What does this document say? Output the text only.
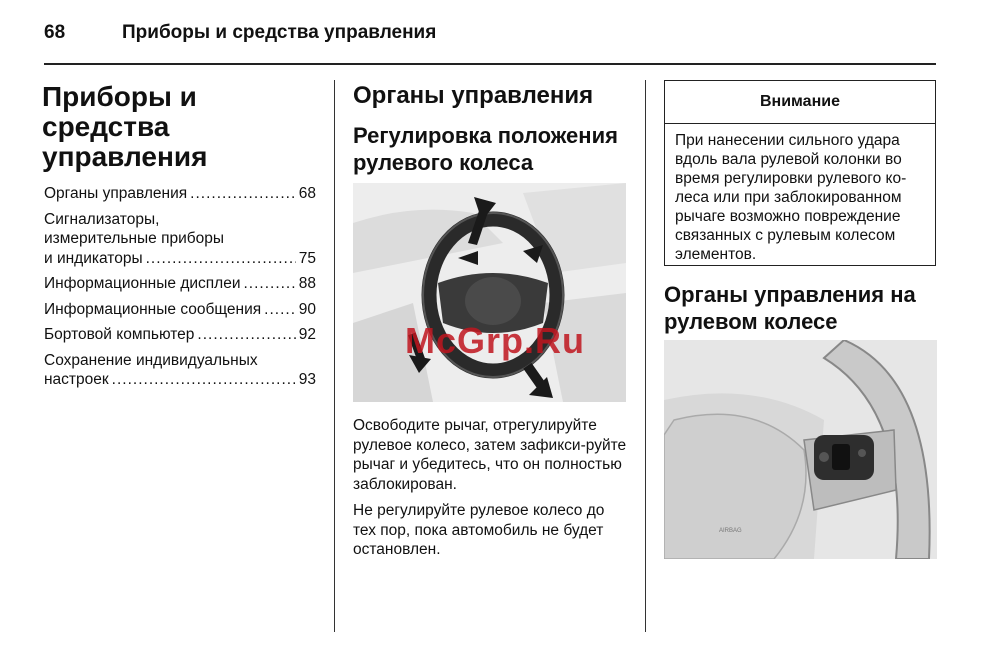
68	Приборы и средства управления
Приборы и средства управления
Органы управления .....	68
Сигнализаторы,
измерительные приборы
и индикаторы .....	75
Информационные дисплеи .....	88
Информационные сообщения ..... 90
Бортовой компьютер .....	92
Сохранение индивидуальных
настроек .....	93
Органы управления
Регулировка положения рулевого колеса

Освободите рычаг, отрегулируйте рулевое колесо, затем зафикси-руйте рычаг и убедитесь, что он полностью заблокирован.

Не регулируйте рулевое колесо до тех пор, пока автомобиль не будет остановлен.

Внимание
При нанесении сильного удара вдоль вала рулевой колонки во время регулировки рулевого ко-леса или при заблокированном рычаге возможно повреждение связанных с рулевым колесом элементов.
Органы управления на рулевом колесе
AIRBAG
McGrp.Ru
